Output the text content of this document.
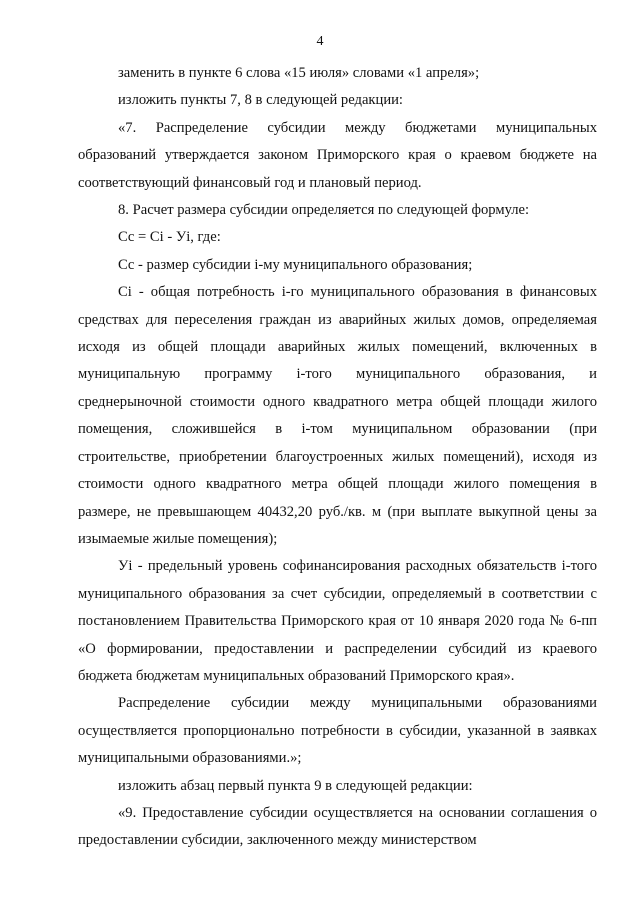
4

заменить в пункте 6 слова «15 июля» словами «1 апреля»;

изложить пункты 7, 8 в следующей редакции:

«7. Распределение субсидии между бюджетами муниципальных образований утверждается законом Приморского края о краевом бюджете на соответствующий финансовый год и плановый период.

8. Расчет размера субсидии определяется по следующей формуле:

Сс = Сi - Уi, где:

Сс - размер субсидии i-му муниципального образования;

Сi - общая потребность i-го муниципального образования в финансовых средствах для переселения граждан из аварийных жилых домов, определяемая исходя из общей площади аварийных жилых помещений, включенных в муниципальную программу i-того муниципального образования, и среднерыночной стоимости одного квадратного метра общей площади жилого помещения, сложившейся в i-том муниципальном образовании (при строительстве, приобретении благоустроенных жилых помещений), исходя из стоимости одного квадратного метра общей площади жилого помещения в размере, не превышающем 40432,20 руб./кв. м (при выплате выкупной цены за изымаемые жилые помещения);

Уi - предельный уровень софинансирования расходных обязательств i-того муниципального образования за счет субсидии, определяемый в соответствии с постановлением Правительства Приморского края от 10 января 2020 года № 6-пп «О формировании, предоставлении и распределении субсидий из краевого бюджета бюджетам муниципальных образований Приморского края».

Распределение субсидии между муниципальными образованиями осуществляется пропорционально потребности в субсидии, указанной в заявках муниципальными образованиями.»;

изложить абзац первый пункта 9 в следующей редакции:

«9. Предоставление субсидии осуществляется на основании соглашения о предоставлении субсидии, заключенного между министерством
